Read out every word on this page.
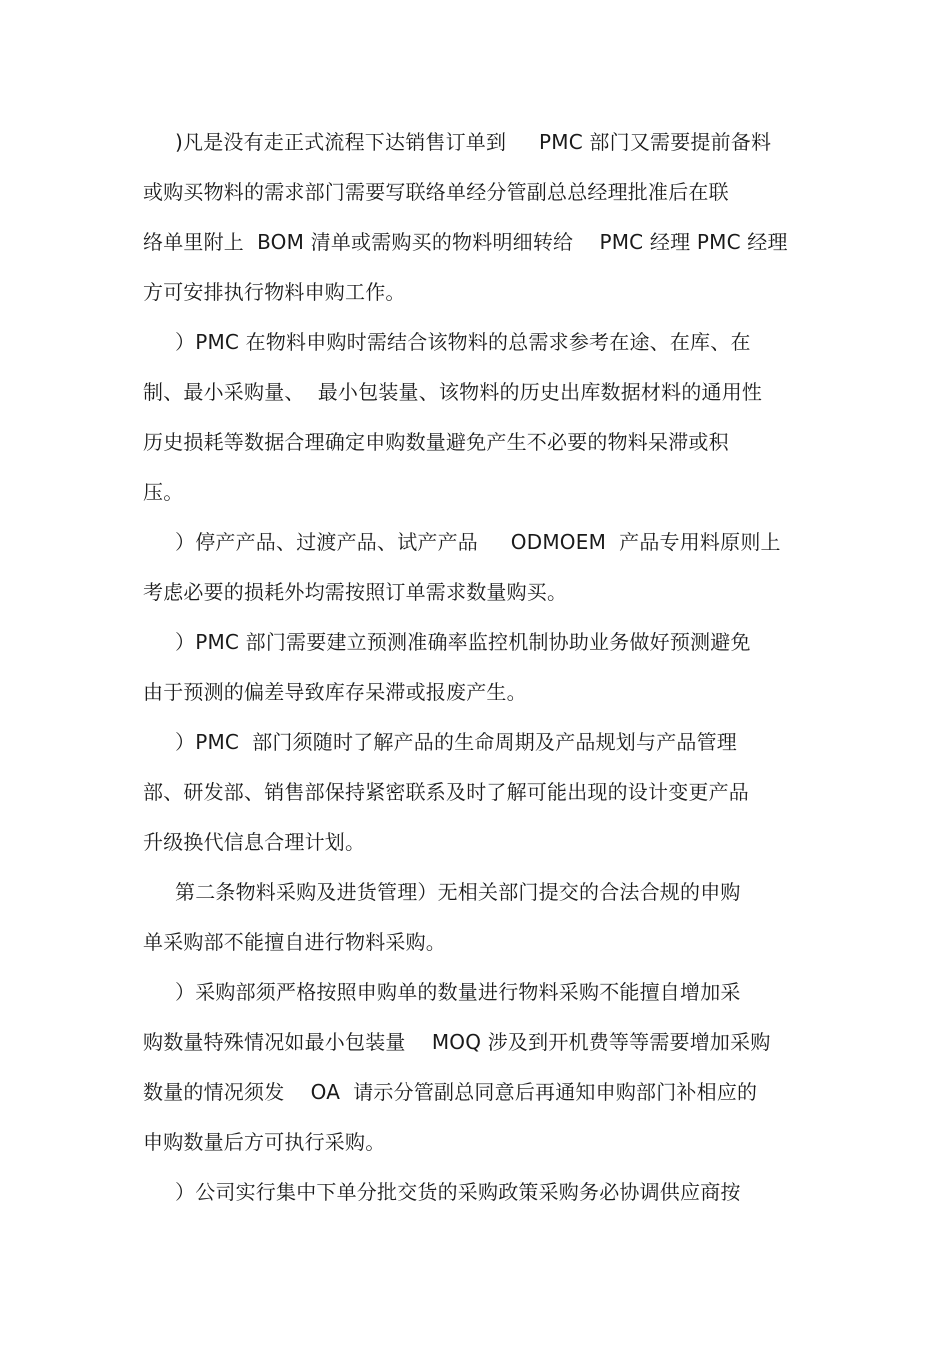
)凡是没有走正式流程下达销售订单到     PMC 部门又需要提前备料
或购买物料的需求部门需要写联络单经分管副总总经理批准后在联
络单里附上  BOM 清单或需购买的物料明细转给    PMC 经理 PMC 经理
方可安排执行物料申购工作。
）PMC 在物料申购时需结合该物料的总需求参考在途、在库、在
制、最小采购量、  最小包装量、该物料的历史出库数据材料的通用性
历史损耗等数据合理确定申购数量避免产生不必要的物料呆滞或积
压。
）停产产品、过渡产品、试产产品     ODMOEM  产品专用料原则上
考虑必要的损耗外均需按照订单需求数量购买。
）PMC 部门需要建立预测准确率监控机制协助业务做好预测避免
由于预测的偏差导致库存呆滞或报废产生。
）PMC  部门须随时了解产品的生命周期及产品规划与产品管理
部、研发部、销售部保持紧密联系及时了解可能出现的设计变更产品
升级换代信息合理计划。
第二条物料采购及进货管理）无相关部门提交的合法合规的申购
单采购部不能擅自进行物料采购。
）采购部须严格按照申购单的数量进行物料采购不能擅自增加采
购数量特殊情况如最小包装量    MOQ 涉及到开机费等等需要增加采购
数量的情况须发    OA  请示分管副总同意后再通知申购部门补相应的
申购数量后方可执行采购。
）公司实行集中下单分批交货的采购政策采购务必协调供应商按
